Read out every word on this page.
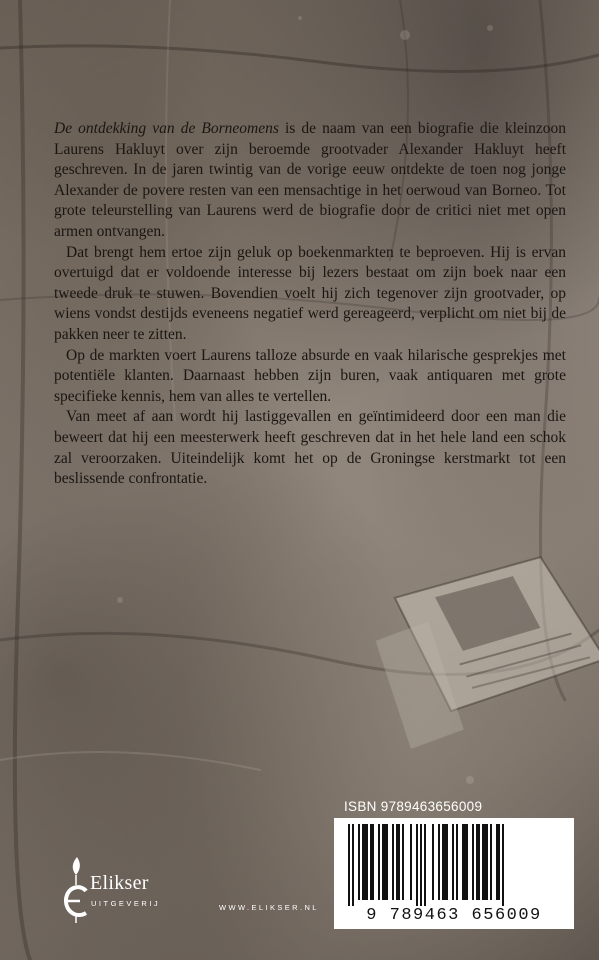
De ontdekking van de Borneomens is de naam van een biografie die kleinzoon Laurens Hakluyt over zijn beroemde grootvader Alexander Hakluyt heeft geschreven. In de jaren twintig van de vorige eeuw ontdekte de toen nog jonge Alexander de povere resten van een mensachtige in het oerwoud van Borneo. Tot grote teleurstelling van Laurens werd de biografie door de critici niet met open armen ontvangen.

Dat brengt hem ertoe zijn geluk op boekenmarkten te beproeven. Hij is ervan overtuigd dat er voldoende interesse bij lezers bestaat om zijn boek naar een tweede druk te stuwen. Bovendien voelt hij zich tegenover zijn grootvader, op wiens vondst destijds eveneens negatief werd gereageerd, verplicht om niet bij de pakken neer te zitten.

Op de markten voert Laurens talloze absurde en vaak hilarische gesprekjes met potentiële klanten. Daarnaast hebben zijn buren, vaak antiquaren met grote specifieke kennis, hem van alles te vertellen.

Van meet af aan wordt hij lastiggevallen en geïntimideerd door een man die beweert dat hij een meesterwerk heeft geschreven dat in het hele land een schok zal veroorzaken. Uiteindelijk komt het op de Groningse kerstmarkt tot een beslissende confrontatie.

ISBN 9789463656009
9 789463 656009
Elikser
UITGEVERIJ	WWW.ELIKSER.NL
